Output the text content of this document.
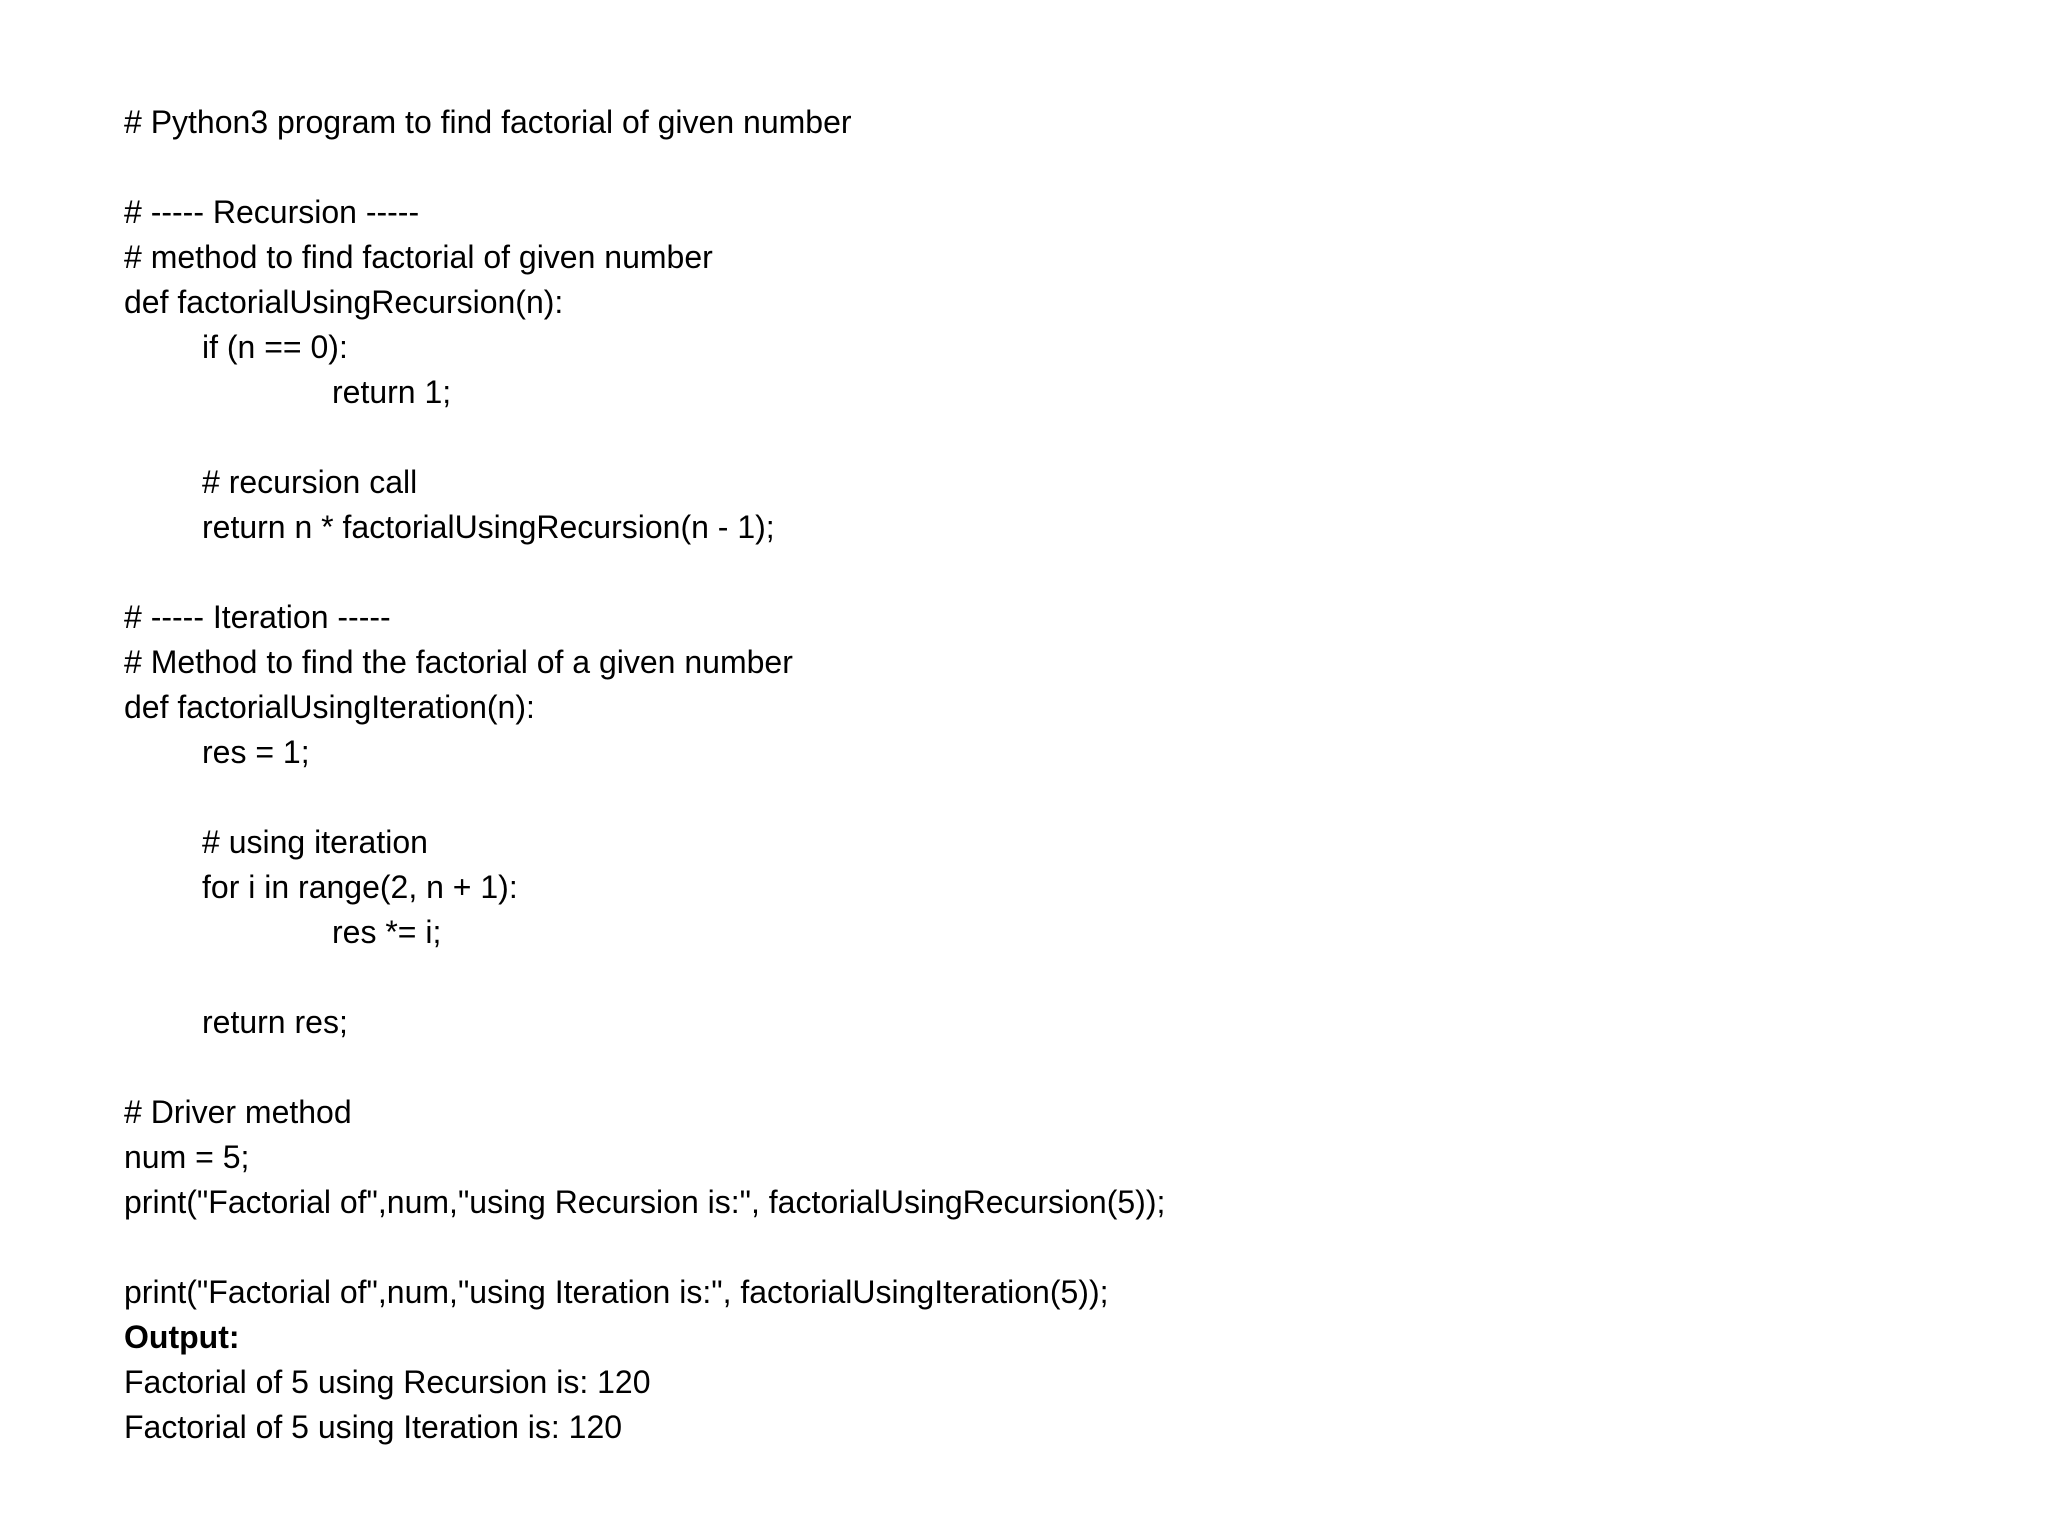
# Python3 program to find factorial of given number
# ----- Recursion -----
# method to find factorial of given number
def factorialUsingRecursion(n):
if (n == 0):
return 1;
# recursion call
return n * factorialUsingRecursion(n - 1);
# ----- Iteration -----
# Method to find the factorial of a given number
def factorialUsingIteration(n):
res = 1;
# using iteration
for i in range(2, n + 1):
res *= i;
return res;
# Driver method
num = 5;
print("Factorial of",num,"using Recursion is:", factorialUsingRecursion(5));
print("Factorial of",num,"using Iteration is:", factorialUsingIteration(5));
Output:
Factorial of 5 using Recursion is: 120
Factorial of 5 using Iteration is: 120
